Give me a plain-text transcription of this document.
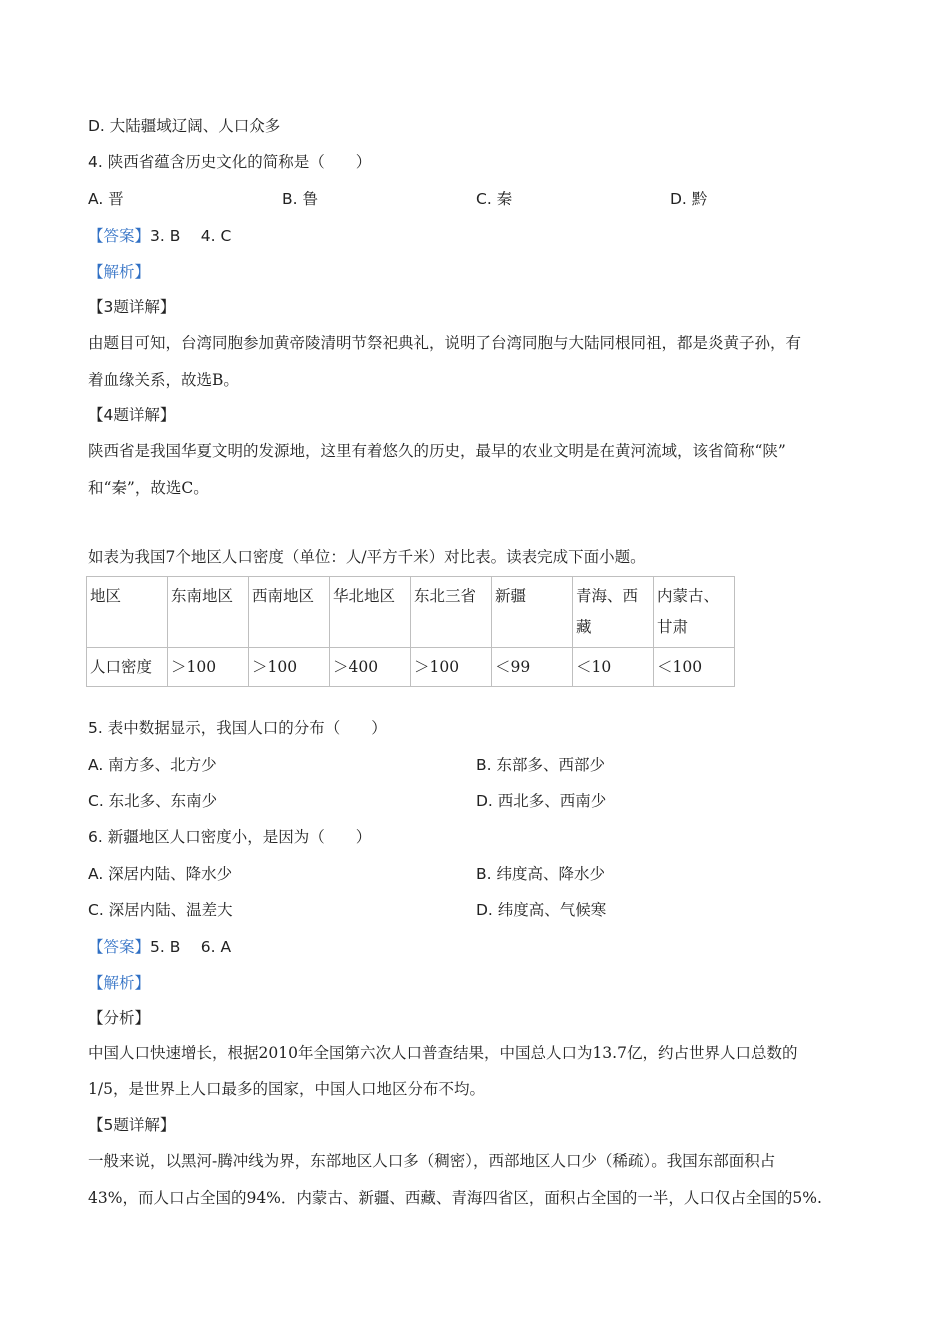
D. 大陆疆域辽阔、人口众多
4. 陕西省蕴含历史文化的简称是（　　）
A. 晋	B. 鲁	C. 秦	D. 黔
【答案】3. B　 4. C
【解析】
【3题详解】
由题目可知，台湾同胞参加黄帝陵清明节祭祀典礼，说明了台湾同胞与大陆同根同祖，都是炎黄子孙，有
着血缘关系，故选B。
【4题详解】
陕西省是我国华夏文明的发源地，这里有着悠久的历史，最早的农业文明是在黄河流域，该省简称“陕”
和“秦”，故选C。
如表为我国7个地区人口密度（单位：人/平方千米）对比表。读表完成下面小题。
地区	东南地区	西南地区	华北地区	东北三省	新疆	青海、西藏	内蒙古、甘肃
人口密度	＞100	＞100	＞400	＞100	＜99	＜10	＜100
5. 表中数据显示，我国人口的分布（　　）
A. 南方多、北方少	B. 东部多、西部少
C. 东北多、东南少	D. 西北多、西南少
6. 新疆地区人口密度小，是因为（　　）
A. 深居内陆、降水少	B. 纬度高、降水少
C. 深居内陆、温差大	D. 纬度高、气候寒
【答案】5. B　 6. A
【解析】
【分析】
中国人口快速增长，根据2010年全国第六次人口普查结果，中国总人口为13.7亿，约占世界人口总数的
1/5，是世界上人口最多的国家，中国人口地区分布不均。
【5题详解】
一般来说，以黑河-腾冲线为界，东部地区人口多（稠密），西部地区人口少（稀疏）。我国东部面积占
43%，而人口占全国的94%．内蒙古、新疆、西藏、青海四省区，面积占全国的一半，人口仅占全国的5%.
